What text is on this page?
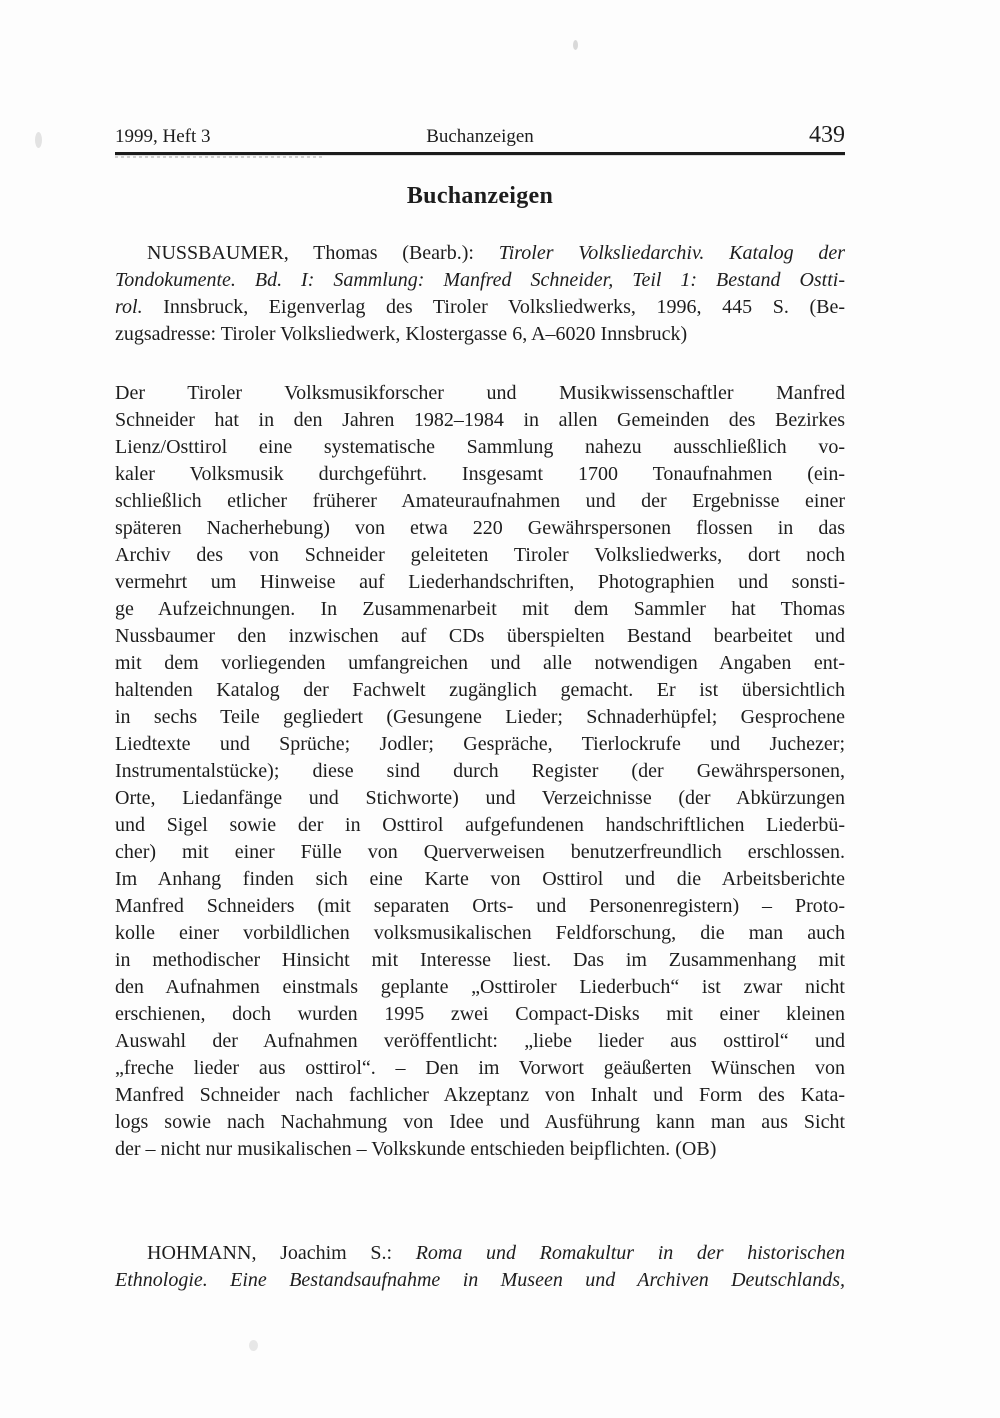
1999, Heft 3	Buchanzeigen	439
Buchanzeigen
NUSSBAUMER, Thomas (Bearb.): Tiroler Volksliedarchiv. Katalog der
Tondokumente. Bd. I: Sammlung: Manfred Schneider, Teil 1: Bestand Ostti-
rol. Innsbruck, Eigenverlag des Tiroler Volksliedwerks, 1996, 445 S. (Be-
zugsadresse: Tiroler Volksliedwerk, Klostergasse 6, A–6020 Innsbruck)
Der Tiroler Volksmusikforscher und Musikwissenschaftler Manfred
Schneider hat in den Jahren 1982–1984 in allen Gemeinden des Bezirkes
Lienz/Osttirol eine systematische Sammlung nahezu ausschließlich vo-
kaler Volksmusik durchgeführt. Insgesamt 1700 Tonaufnahmen (ein-
schließlich etlicher früherer Amateuraufnahmen und der Ergebnisse einer
späteren Nacherhebung) von etwa 220 Gewährspersonen flossen in das
Archiv des von Schneider geleiteten Tiroler Volksliedwerks, dort noch
vermehrt um Hinweise auf Liederhandschriften, Photographien und sonsti-
ge Aufzeichnungen. In Zusammenarbeit mit dem Sammler hat Thomas
Nussbaumer den inzwischen auf CDs überspielten Bestand bearbeitet und
mit dem vorliegenden umfangreichen und alle notwendigen Angaben ent-
haltenden Katalog der Fachwelt zugänglich gemacht. Er ist übersichtlich
in sechs Teile gegliedert (Gesungene Lieder; Schnaderhüpfel; Gesprochene
Liedtexte und Sprüche; Jodler; Gespräche, Tierlockrufe und Juchezer;
Instrumentalstücke); diese sind durch Register (der Gewährspersonen,
Orte, Liedanfänge und Stichworte) und Verzeichnisse (der Abkürzungen
und Sigel sowie der in Osttirol aufgefundenen handschriftlichen Liederbü-
cher) mit einer Fülle von Querverweisen benutzerfreundlich erschlossen.
Im Anhang finden sich eine Karte von Osttirol und die Arbeitsberichte
Manfred Schneiders (mit separaten Orts- und Personenregistern) – Proto-
kolle einer vorbildlichen volksmusikalischen Feldforschung, die man auch
in methodischer Hinsicht mit Interesse liest. Das im Zusammenhang mit
den Aufnahmen einstmals geplante „Osttiroler Liederbuch“ ist zwar nicht
erschienen, doch wurden 1995 zwei Compact-Disks mit einer kleinen
Auswahl der Aufnahmen veröffentlicht: „liebe lieder aus osttirol“ und
„freche lieder aus osttirol“. – Den im Vorwort geäußerten Wünschen von
Manfred Schneider nach fachlicher Akzeptanz von Inhalt und Form des Kata-
logs sowie nach Nachahmung von Idee und Ausführung kann man aus Sicht
der – nicht nur musikalischen – Volkskunde entschieden beipflichten. (OB)
HOHMANN, Joachim S.: Roma und Romakultur in der historischen
Ethnologie. Eine Bestandsaufnahme in Museen und Archiven Deutschlands,
